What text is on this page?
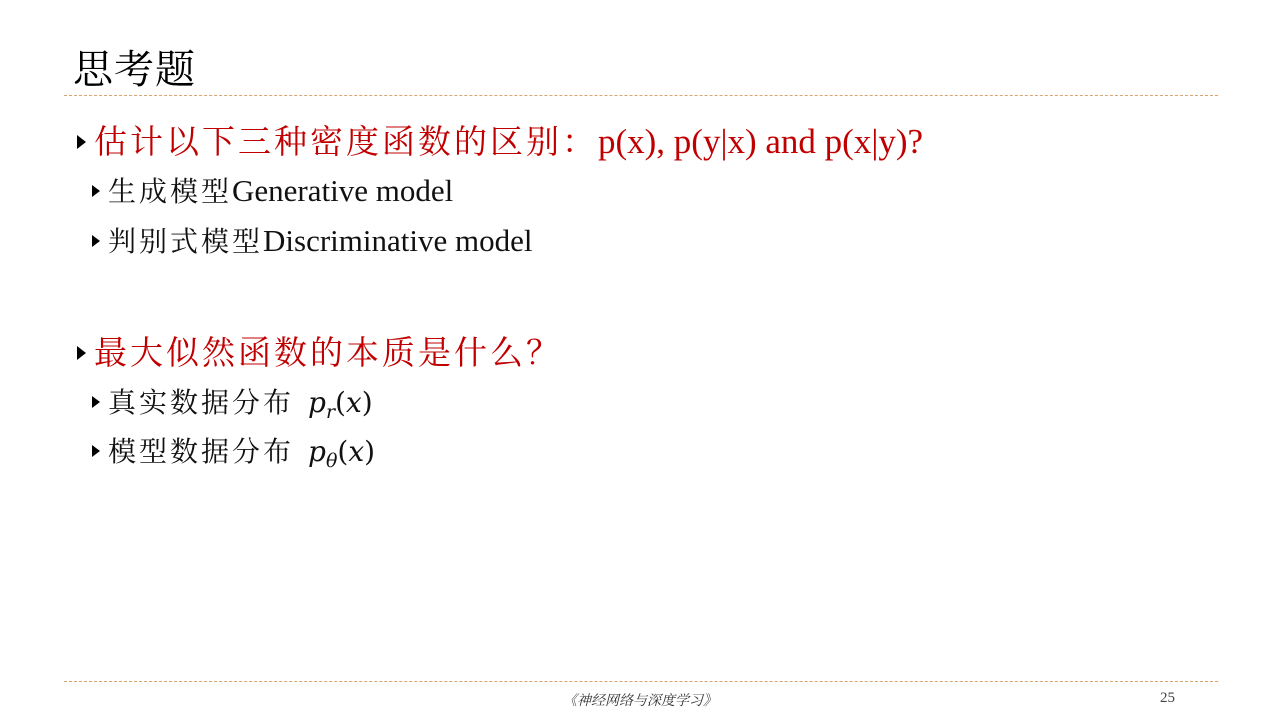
思考题
估计以下三种密度函数的区别： p(x), p(y|x) and p(x|y)?
生成模型 Generative model
判别式模型 Discriminative model
最大似然函数的本质是什么？
真实数据分布 $p_r(x)$
模型数据分布 $p_\theta(x)$
《神经网络与深度学习》	25
